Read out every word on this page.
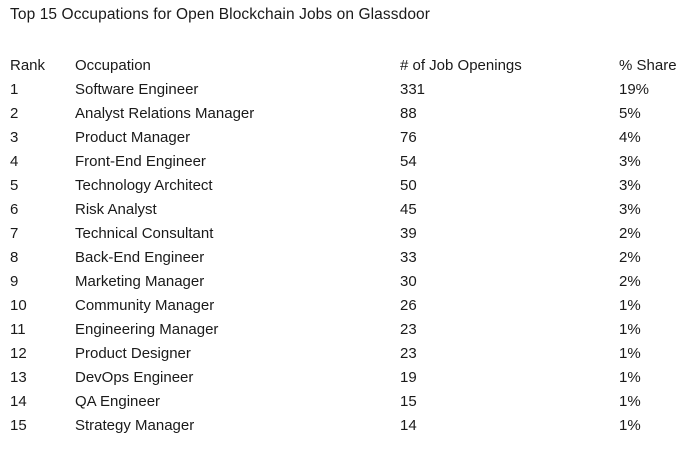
Top 15 Occupations for Open Blockchain Jobs on Glassdoor
Rank Occupation	# of Job Openings	% Share
1	Software Engineer	331	19%
2	Analyst Relations Manager	88	5%
3	Product Manager	76	4%
4	Front-End Engineer	54	3%
5	Technology Architect	50	3%
6	Risk Analyst	45	3%
7	Technical Consultant	39	2%
8	Back-End Engineer	33	2%
9	Marketing Manager	30	2%
10	Community Manager	26	1%
11	Engineering Manager	23	1%
12	Product Designer	23	1%
13	DevOps Engineer	19	1%
14	QA Engineer	15	1%
15	Strategy Manager	14	1%
